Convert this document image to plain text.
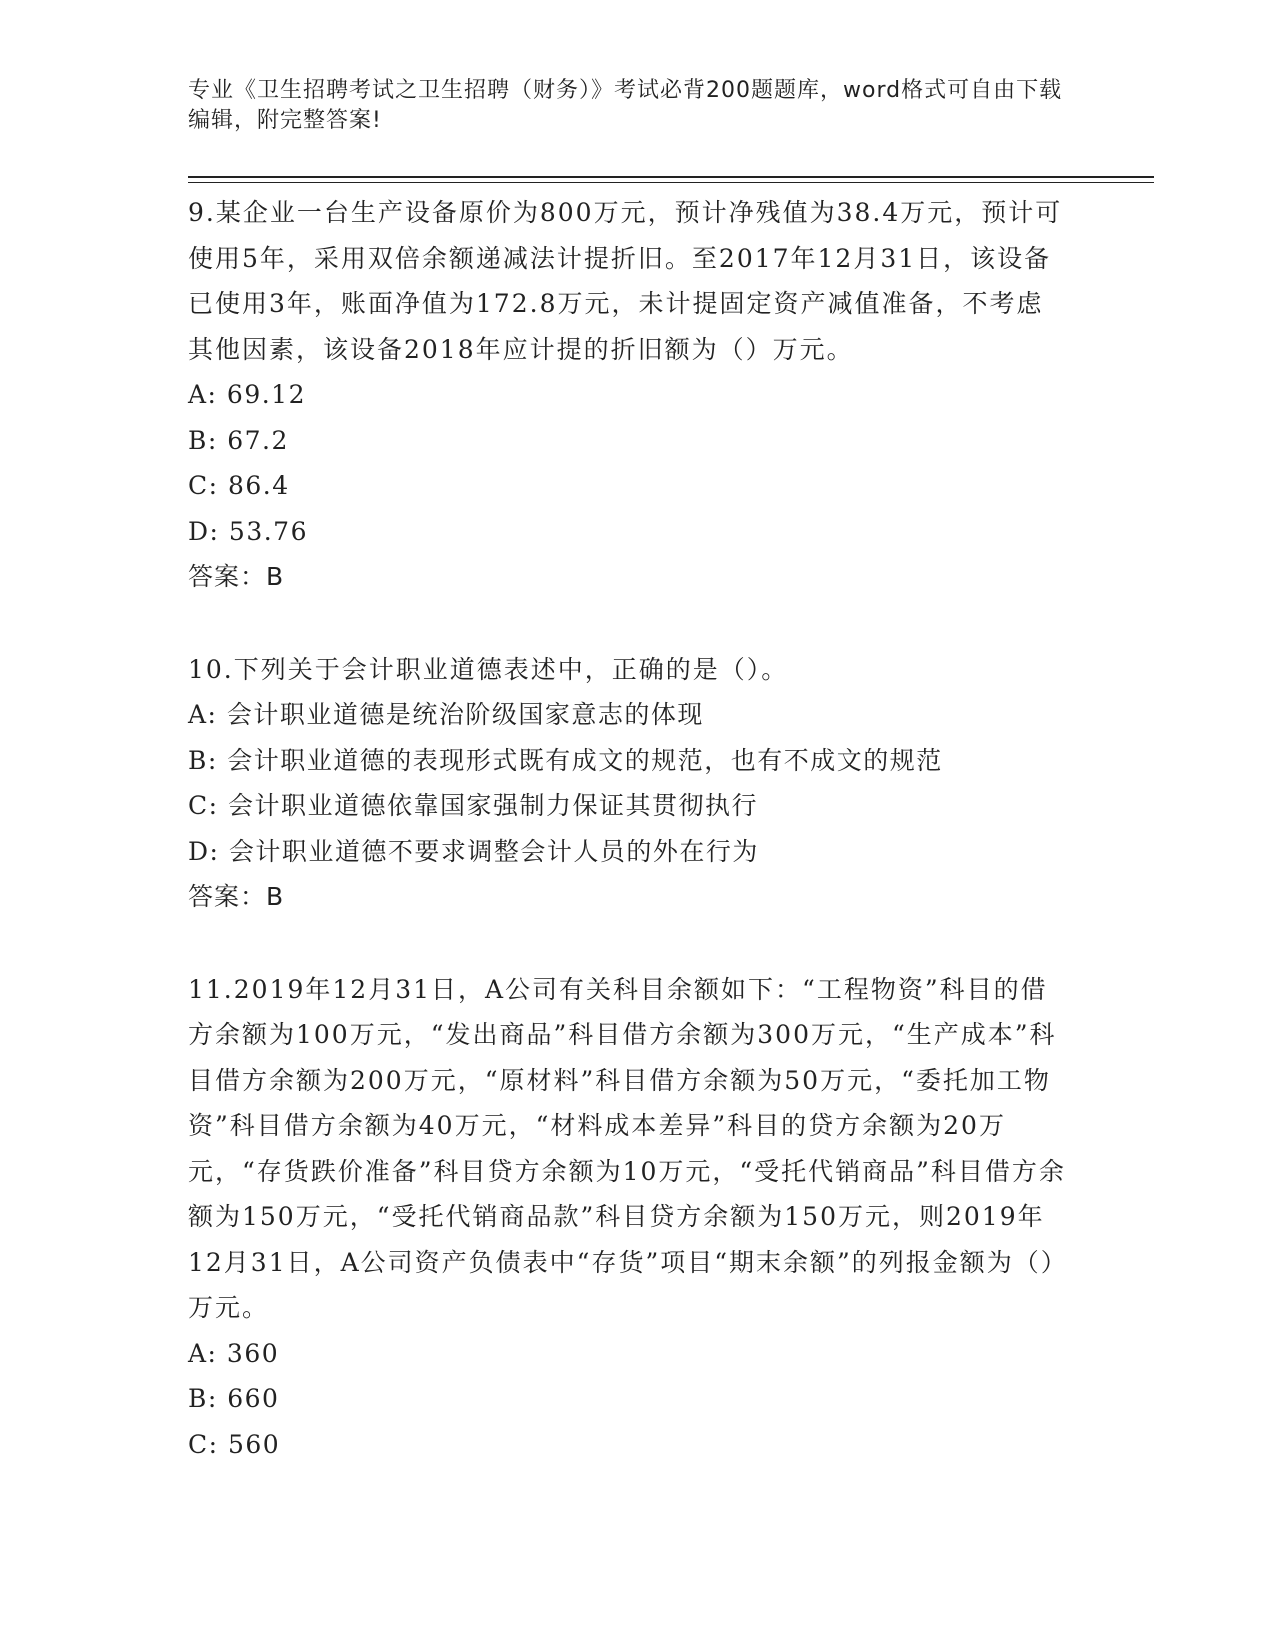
专业《卫生招聘考试之卫生招聘（财务）》考试必背200题题库，word格式可自由下载编辑，附完整答案!

9.某企业一台生产设备原价为800万元，预计净残值为38.4万元，预计可使用5年，采用双倍余额递减法计提折旧。至2017年12月31日，该设备已使用3年，账面净值为172.8万元，未计提固定资产减值准备，不考虑其他因素，该设备2018年应计提的折旧额为（）万元。

A: 69.12

B: 67.2

C: 86.4

D: 53.76

答案：B

10.下列关于会计职业道德表述中，正确的是（）。

A: 会计职业道德是统治阶级国家意志的体现

B: 会计职业道德的表现形式既有成文的规范，也有不成文的规范

C: 会计职业道德依靠国家强制力保证其贯彻执行

D: 会计职业道德不要求调整会计人员的外在行为

答案：B

11.2019年12月31日，A公司有关科目余额如下：“工程物资”科目的借方余额为100万元，“发出商品”科目借方余额为300万元，“生产成本”科目借方余额为200万元，“原材料”科目借方余额为50万元，“委托加工物资”科目借方余额为40万元，“材料成本差异”科目的贷方余额为20万元，“存货跌价准备”科目贷方余额为10万元，“受托代销商品”科目借方余额为150万元，“受托代销商品款”科目贷方余额为150万元，则2019年12月31日，A公司资产负债表中“存货”项目“期末余额”的列报金额为（）万元。

A: 360

B: 660

C: 560
